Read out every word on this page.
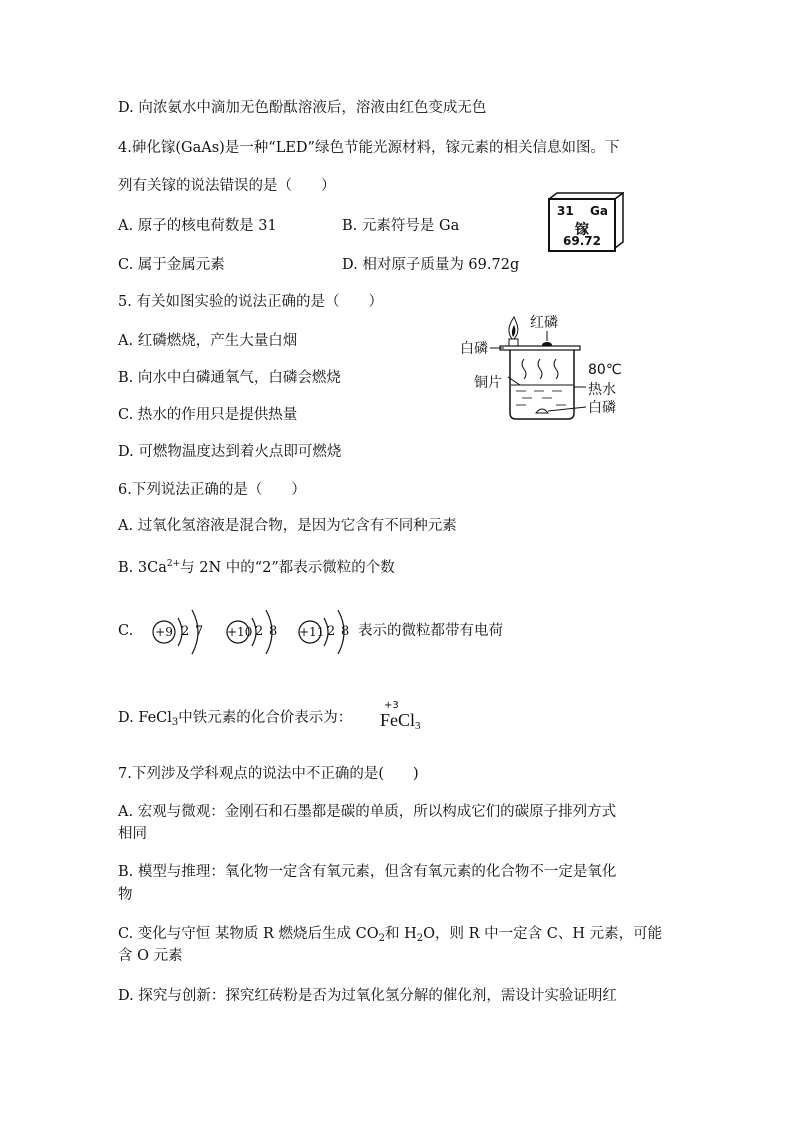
D. 向浓氨水中滴加无色酚酞溶液后，溶液由红色变成无色
4.砷化镓(GaAs)是一种“LED”绿色节能光源材料，镓元素的相关信息如图。下
列有关镓的说法错误的是（　　）
A. 原子的核电荷数是 31	B. 元素符号是 Ga
C. 属于金属元素	D. 相对原子质量为 69.72g
31 Ga
镓
69.72
5. 有关如图实验的说法正确的是（　　）
A. 红磷燃烧，产生大量白烟
B. 向水中白磷通氧气，白磷会燃烧
C. 热水的作用只是提供热量
D. 可燃物温度达到着火点即可燃烧
红磷
白磷
80℃
铜片	热水
白磷
6.下列说法正确的是（　　）
A. 过氧化氢溶液是混合物，是因为它含有不同种元素
B. $3Ca^{2+}$与 2N 中的“2”都表示微粒的个数
C.	表示的微粒都带有电荷
+9 2 7 +10 2 8 +11 2 8
D. FeCl$_3$中铁元素的化合价表示为：
+3
FeCl$_3$
7.下列涉及学科观点的说法中不正确的是(　　)
A. 宏观与微观：金刚石和石墨都是碳的单质，所以构成它们的碳原子排列方式
相同
B. 模型与推理：氧化物一定含有氧元素，但含有氧元素的化合物不一定是氧化
物
C. 变化与守恒 某物质 R 燃烧后生成 $CO_2$和 $H_2O$，则 R 中一定含 C、H 元素，可能
含 O 元素
D. 探究与创新：探究红砖粉是否为过氧化氢分解的催化剂，需设计实验证明红
